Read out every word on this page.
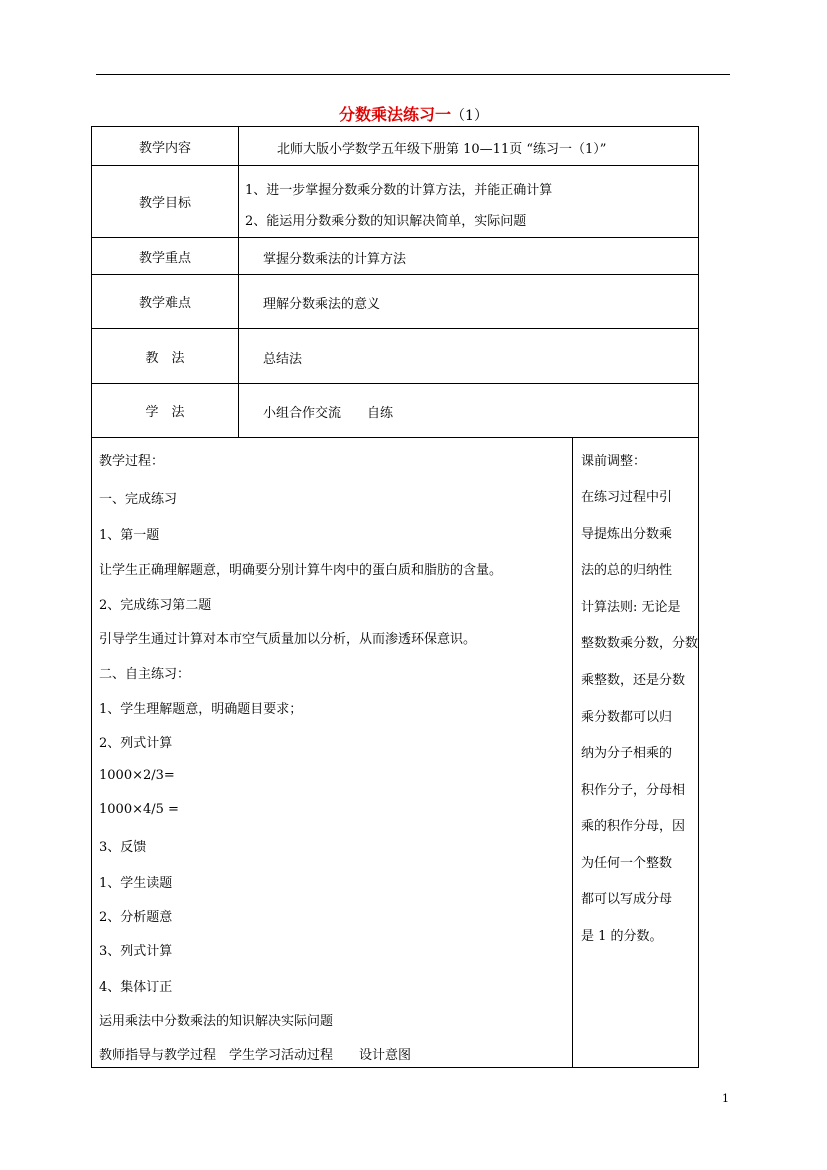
分数乘法练习一（1）
教学内容	北师大版小学数学五年级下册第 10—11页 “练习一（1）”
教学目标
1、进一步掌握分数乘分数的计算方法，并能正确计算
2、能运用分数乘分数的知识解决简单，实际问题
教学重点	掌握分数乘法的计算方法
教学难点	理解分数乘法的意义
教　法	总结法
学　法	小组合作交流　　自练
教学过程：
一、完成练习
1、第一题
让学生正确理解题意，明确要分别计算牛肉中的蛋白质和脂肪的含量。
2、完成练习第二题
引导学生通过计算对本市空气质量加以分析，从而渗透环保意识。
二、自主练习：
1、学生理解题意，明确题目要求；
2、列式计算
1000×2/3=
1000×4/5 =
3、反馈
1、学生读题
2、分析题意
3、列式计算
4、集体订正
运用乘法中分数乘法的知识解决实际问题
教师指导与教学过程　学生学习活动过程　　设计意图
课前调整：
在练习过程中引
导提炼出分数乘
法的总的归纳性
计算法则: 无论是
整数数乘分数，分数
乘整数，还是分数
乘分数都可以归
纳为分子相乘的
积作分子，分母相
乘的积作分母，因
为任何一个整数
都可以写成分母
是 1 的分数。
1
